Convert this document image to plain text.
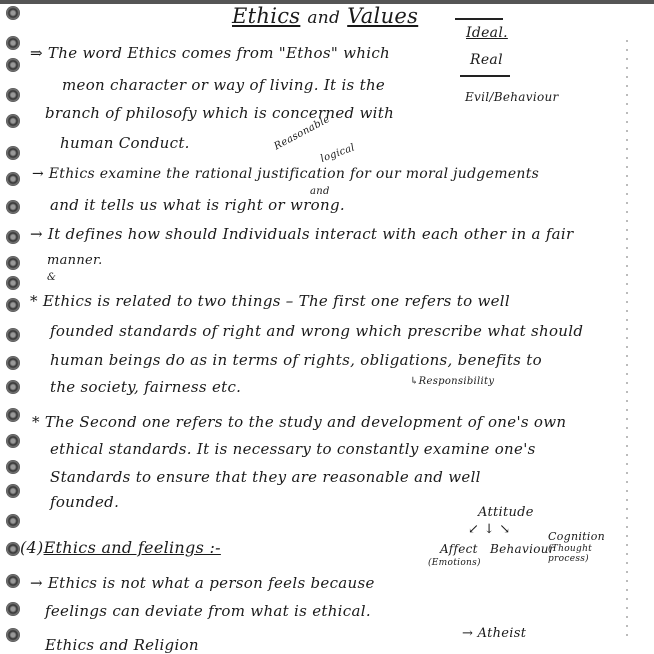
Ethics and Values
Ideal.
Real
Evil/Behaviour
⇒ The word Ethics comes from "Ethos" which
meon character or way of living. It is the
branch of philosofy which is concerned with
human Conduct.	Reasonable
logical
→ Ethics examine the rational justification for our moral judgements
and
and it tells us what is right or wrong.
→ It defines how should Individuals interact with each other in a fair
manner.
&
* Ethics is related to two things – The first one refers to well
founded standards of right and wrong which prescribe what should
human beings do as in terms of rights, obligations, benefits to
the society, fairness etc.	↳Responsibility
* The Second one refers to the study and development of one's own
ethical standards. It is necessary to constantly examine one's
Standards to ensure that they are reasonable and well
founded.
(4)Ethics and feelings :-
Attitude
↙ ↓ ↘
Affect
(Emotions)
Behaviour
Cognition
(Thought process)
→ Ethics is not what a person feels because
feelings can deviate from what is ethical.
Ethics and Religion
→ Atheist
